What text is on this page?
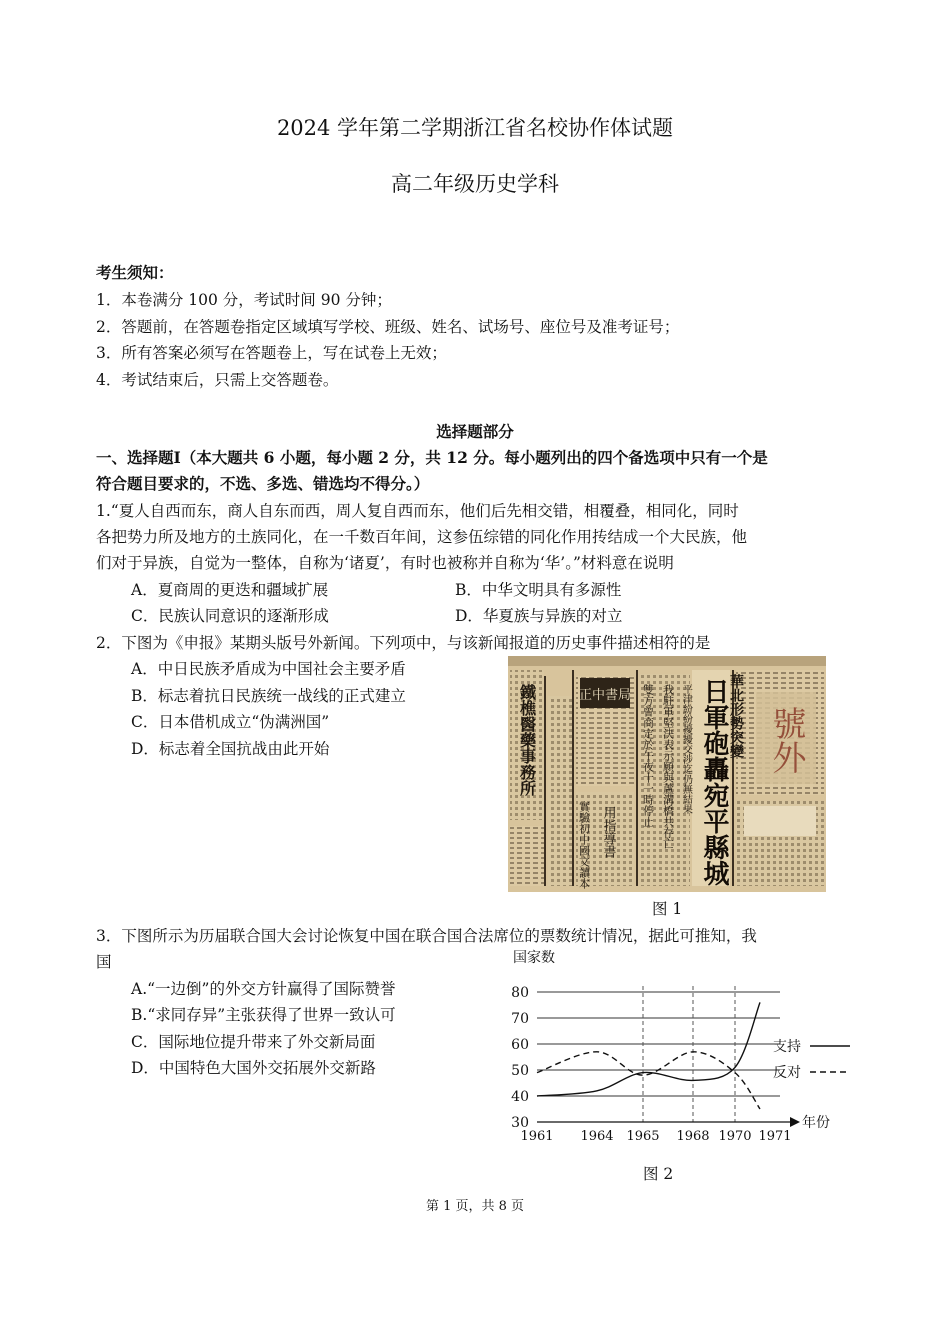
2024 学年第二学期浙江省名校协作体试题
高二年级历史学科
考生须知：
1．本卷满分 100 分，考试时间 90 分钟；
2．答题前，在答题卷指定区域填写学校、班级、姓名、试场号、座位号及准考证号；
3．所有答案必须写在答题卷上，写在试卷上无效；
4．考试结束后，只需上交答题卷。
选择题部分
一、选择题Ⅰ（本大题共 6 小题，每小题 2 分，共 12 分。每小题列出的四个备选项中只有一个是
符合题目要求的，不选、多选、错选均不得分。）
1.“夏人自西而东，商人自东而西，周人复自西而东，他们后先相交错，相覆叠，相同化，同时
各把势力所及地方的土族同化，在一千数百年间，这参伍综错的同化作用抟结成一个大民族，他
们对于异族，自觉为一整体，自称为‘诸夏’，有时也被称并自称为‘华’。”材料意在说明
A．夏商周的更迭和疆域扩展	B．中华文明具有多源性
C．民族认同意识的逐渐形成	D．华夏族与异族的对立
2．下图为《申报》某期头版号外新闻。下列项中，与该新闻报道的历史事件描述相符的是
A．中日民族矛盾成为中国社会主要矛盾
B．标志着抗日民族统一战线的正式建立
C．日本借机成立“伪满洲国”
D．标志着全国抗战由此开始	鐵樵醫藥事務所	正中書局
實驗初中國文讀本 用指導書
雙方曾商定於午夜十一時停止 我駐軍堅決表示願與蘆溝橋共存亡 平津紛紛擾擾交涉迄仍無結果	華北形勢突變
日軍砲轟宛平縣城 號外
图 1
3．下图所示为历届联合国大会讨论恢复中国在联合国合法席位的票数统计情况，据此可推知，我
国
A.“一边倒”的外交方针赢得了国际赞誉
B.“求同存异”主张获得了世界一致认可
C．国际地位提升带来了外交新局面
D．中国特色大国外交拓展外交新路
30
40
50
60
70
80
国家数
年份
1961 1964 1965 1968 1970 1971
支持
反对
图 2
第 1 页，共 8 页
